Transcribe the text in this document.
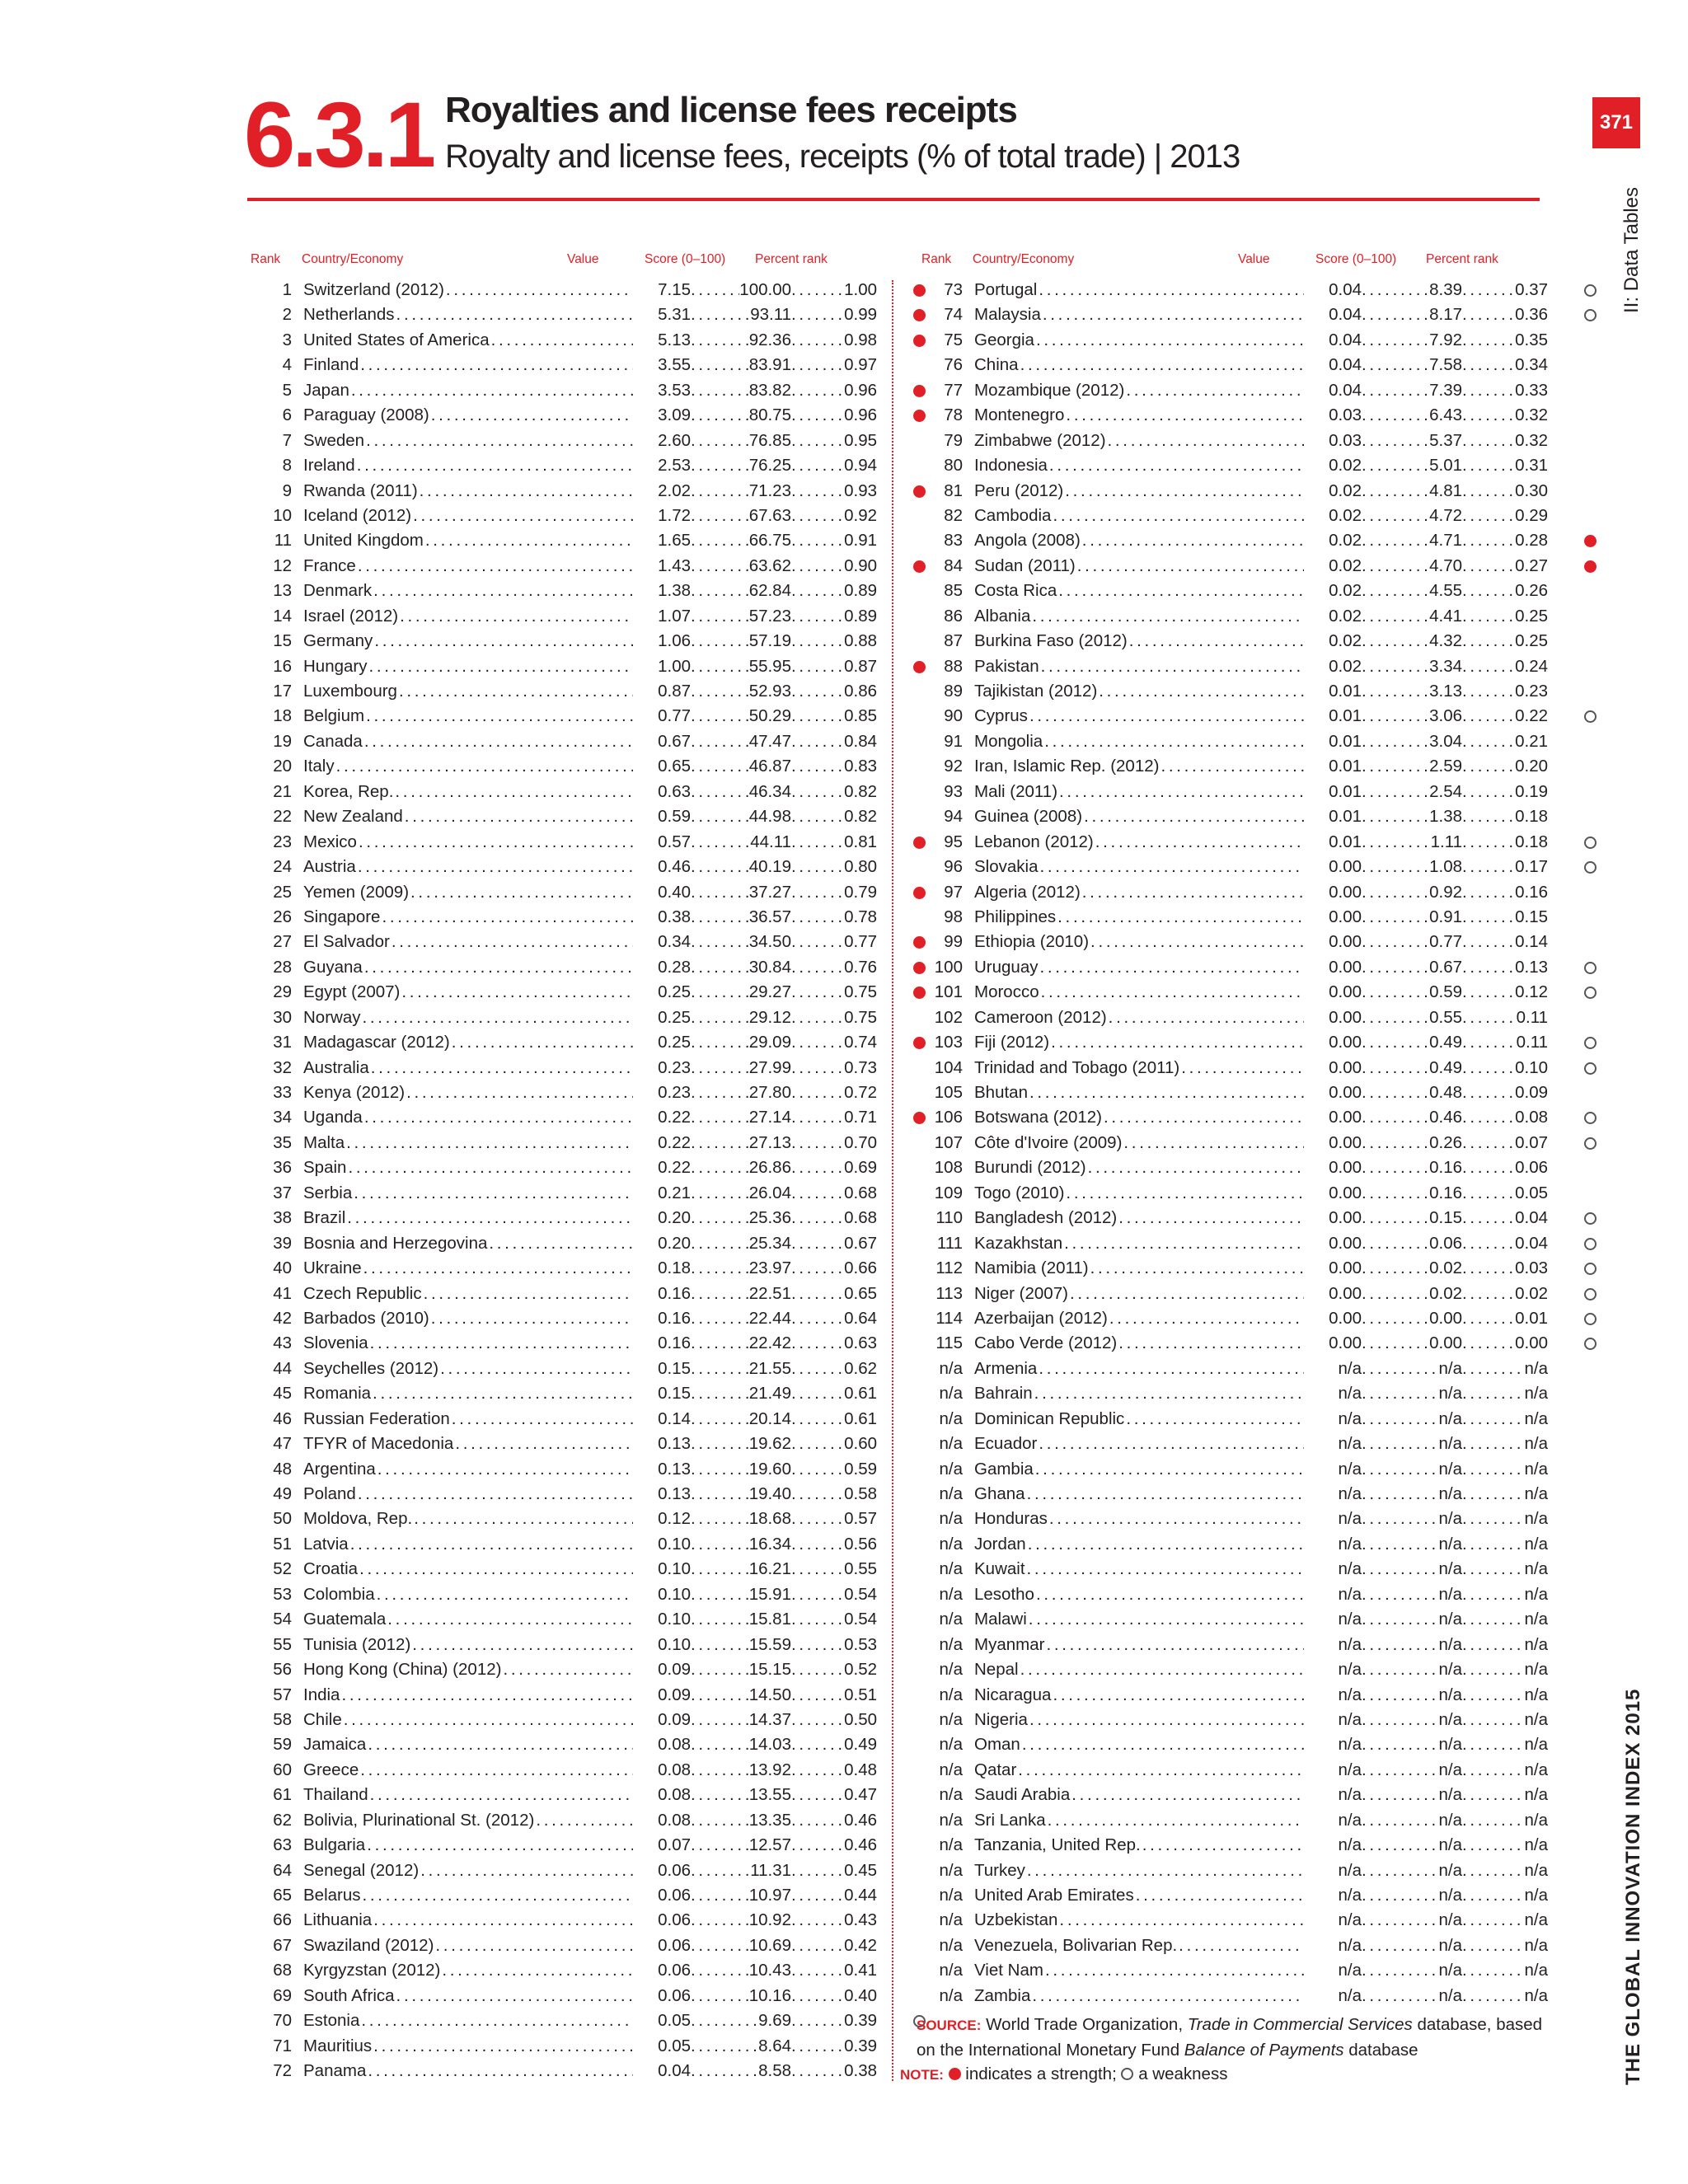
6.3.1 Royalties and license fees receipts
Royalty and license fees, receipts (% of total trade) | 2013
371
II: Data Tables
THE GLOBAL INNOVATION INDEX 2015
Rank Country/Economy	Value	Score (0–100) Percent rank	Rank Country/Economy	Value	Score (0–100) Percent rank
1 Switzerland (2012) . . .	7.15 . . .	100.00 . . .	1.00
2 Netherlands . . .	5.31 . . .	93.11 . . .	0.99
3 United States of America . . .	5.13 . . .	92.36 . . .	0.98
4 Finland . . .	3.55 . . .	83.91 . . .	0.97
5 Japan . . .	3.53 . . .	83.82 . . .	0.96
6 Paraguay (2008) . . .	3.09 . . .	80.75 . . .	0.96
7 Sweden . . .	2.60 . . .	76.85 . . .	0.95
8 Ireland . . .	2.53 . . .	76.25 . . .	0.94
9 Rwanda (2011) . . .	2.02 . . .	71.23 . . .	0.93
10 Iceland (2012) . . .	1.72 . . .	67.63 . . .	0.92
11 United Kingdom . . .	1.65 . . .	66.75 . . .	0.91
12 France . . .	1.43 . . .	63.62 . . .	0.90
13 Denmark . . .	1.38 . . .	62.84 . . .	0.89
14 Israel (2012) . . .	1.07 . . .	57.23 . . .	0.89
15 Germany . . .	1.06 . . .	57.19 . . .	0.88
16 Hungary . . .	1.00 . . .	55.95 . . .	0.87
17 Luxembourg . . .	0.87 . . .	52.93 . . .	0.86
18 Belgium . . .	0.77 . . .	50.29 . . .	0.85
19 Canada . . .	0.67 . . .	47.47 . . .	0.84
20 Italy . . .	0.65 . . .	46.87 . . .	0.83
21 Korea, Rep. . . .	0.63 . . .	46.34 . . .	0.82
22 New Zealand . . .	0.59 . . .	44.98 . . .	0.82
23 Mexico . . .	0.57 . . .	44.11 . . .	0.81
24 Austria . . .	0.46 . . .	40.19 . . .	0.80
25 Yemen (2009) . . .	0.40 . . .	37.27 . . .	0.79
26 Singapore . . .	0.38 . . .	36.57 . . .	0.78
27 El Salvador . . .	0.34 . . .	34.50 . . .	0.77
28 Guyana . . .	0.28 . . .	30.84 . . .	0.76
29 Egypt (2007) . . .	0.25 . . .	29.27 . . .	0.75
30 Norway . . .	0.25 . . .	29.12 . . .	0.75
31 Madagascar (2012) . . .	0.25 . . .	29.09 . . .	0.74
32 Australia . . .	0.23 . . .	27.99 . . .	0.73
33 Kenya (2012) . . .	0.23 . . .	27.80 . . .	0.72
34 Uganda . . .	0.22 . . .	27.14 . . .	0.71
35 Malta . . .	0.22 . . .	27.13 . . .	0.70
36 Spain . . .	0.22 . . .	26.86 . . .	0.69
37 Serbia . . .	0.21 . . .	26.04 . . .	0.68
38 Brazil . . .	0.20 . . .	25.36 . . .	0.68
39 Bosnia and Herzegovina . . .	0.20 . . .	25.34 . . .	0.67
40 Ukraine . . .	0.18 . . .	23.97 . . .	0.66
41 Czech Republic . . .	0.16 . . .	22.51 . . .	0.65
42 Barbados (2010) . . .	0.16 . . .	22.44 . . .	0.64
43 Slovenia . . .	0.16 . . .	22.42 . . .	0.63
44 Seychelles (2012) . . .	0.15 . . .	21.55 . . .	0.62
45 Romania . . .	0.15 . . .	21.49 . . .	0.61
46 Russian Federation . . .	0.14 . . .	20.14 . . .	0.61
47 TFYR of Macedonia . . .	0.13 . . .	19.62 . . .	0.60
48 Argentina . . .	0.13 . . .	19.60 . . .	0.59
49 Poland . . .	0.13 . . .	19.40 . . .	0.58
50 Moldova, Rep. . . .	0.12 . . .	18.68 . . .	0.57
51 Latvia . . .	0.10 . . .	16.34 . . .	0.56
52 Croatia . . .	0.10 . . .	16.21 . . .	0.55
53 Colombia . . .	0.10 . . .	15.91 . . .	0.54
54 Guatemala . . .	0.10 . . .	15.81 . . .	0.54
55 Tunisia (2012) . . .	0.10 . . .	15.59 . . .	0.53
56 Hong Kong (China) (2012) . . .	0.09 . . .	15.15 . . .	0.52
57 India . . .	0.09 . . .	14.50 . . .	0.51
58 Chile . . .	0.09 . . .	14.37 . . .	0.50
59 Jamaica . . .	0.08 . . .	14.03 . . .	0.49
60 Greece . . .	0.08 . . .	13.92 . . .	0.48
61 Thailand . . .	0.08 . . .	13.55 . . .	0.47
62 Bolivia, Plurinational St. (2012) . . .	0.08 . . .	13.35 . . .	0.46
63 Bulgaria . . .	0.07 . . .	12.57 . . .	0.46
64 Senegal (2012) . . .	0.06 . . .	11.31 . . .	0.45
65 Belarus . . .	0.06 . . .	10.97 . . .	0.44
66 Lithuania . . .	0.06 . . .	10.92 . . .	0.43
67 Swaziland (2012) . . .	0.06 . . .	10.69 . . .	0.42
68 Kyrgyzstan (2012) . . .	0.06 . . .	10.43 . . .	0.41
69 South Africa . . .	0.06 . . .	10.16 . . .	0.40
70 Estonia . . .	0.05 . . .	9.69 . . .	0.39
71 Mauritius . . .	0.05 . . .	8.64 . . .	0.39
72 Panama . . .	0.04 . . .	8.58 . . .	0.38
73 Portugal . . .	0.04 . . .	8.39 . . .	0.37
74 Malaysia . . .	0.04 . . .	8.17 . . .	0.36
75 Georgia . . .	0.04 . . .	7.92 . . .	0.35
76 China . . .	0.04 . . .	7.58 . . .	0.34
77 Mozambique (2012) . . .	0.04 . . .	7.39 . . .	0.33
78 Montenegro . . .	0.03 . . .	6.43 . . .	0.32
79 Zimbabwe (2012) . . .	0.03 . . .	5.37 . . .	0.32
80 Indonesia . . .	0.02 . . .	5.01 . . .	0.31
81 Peru (2012) . . .	0.02 . . .	4.81 . . .	0.30
82 Cambodia . . .	0.02 . . .	4.72 . . .	0.29
83 Angola (2008) . . .	0.02 . . .	4.71 . . .	0.28
84 Sudan (2011) . . .	0.02 . . .	4.70 . . .	0.27
85 Costa Rica . . .	0.02 . . .	4.55 . . .	0.26
86 Albania . . .	0.02 . . .	4.41 . . .	0.25
87 Burkina Faso (2012) . . .	0.02 . . .	4.32 . . .	0.25
88 Pakistan . . .	0.02 . . .	3.34 . . .	0.24
89 Tajikistan (2012) . . .	0.01 . . .	3.13 . . .	0.23
90 Cyprus . . .	0.01 . . .	3.06 . . .	0.22
91 Mongolia . . .	0.01 . . .	3.04 . . .	0.21
92 Iran, Islamic Rep. (2012) . . .	0.01 . . .	2.59 . . .	0.20
93 Mali (2011) . . .	0.01 . . .	2.54 . . .	0.19
94 Guinea (2008) . . .	0.01 . . .	1.38 . . .	0.18
95 Lebanon (2012) . . .	0.01 . . .	1.11 . . .	0.18
96 Slovakia . . .	0.00 . . .	1.08 . . .	0.17
97 Algeria (2012) . . .	0.00 . . .	0.92 . . .	0.16
98 Philippines . . .	0.00 . . .	0.91 . . .	0.15
99 Ethiopia (2010) . . .	0.00 . . .	0.77 . . .	0.14
100 Uruguay . . .	0.00 . . .	0.67 . . .	0.13
101 Morocco . . .	0.00 . . .	0.59 . . .	0.12
102 Cameroon (2012) . . .	0.00 . . .	0.55 . . .	0.11
103 Fiji (2012) . . .	0.00 . . .	0.49 . . .	0.11
104 Trinidad and Tobago (2011) . . .	0.00 . . .	0.49 . . .	0.10
105 Bhutan . . .	0.00 . . .	0.48 . . .	0.09
106 Botswana (2012) . . .	0.00 . . .	0.46 . . .	0.08
107 Côte d'Ivoire (2009) . . .	0.00 . . .	0.26 . . .	0.07
108 Burundi (2012) . . .	0.00 . . .	0.16 . . .	0.06
109 Togo (2010) . . .	0.00 . . .	0.16 . . .	0.05
110 Bangladesh (2012) . . .	0.00 . . .	0.15 . . .	0.04
111 Kazakhstan . . .	0.00 . . .	0.06 . . .	0.04
112 Namibia (2011) . . .	0.00 . . .	0.02 . . .	0.03
113 Niger (2007) . . .	0.00 . . .	0.02 . . .	0.02
114 Azerbaijan (2012) . . .	0.00 . . .	0.00 . . .	0.01
115 Cabo Verde (2012) . . .	0.00 . . .	0.00 . . .	0.00
n/a Armenia . . .	n/a . . .	n/a . . .	n/a
n/a Bahrain . . .	n/a . . .	n/a . . .	n/a
n/a Dominican Republic . . .	n/a . . .	n/a . . .	n/a
n/a Ecuador . . .	n/a . . .	n/a . . .	n/a
n/a Gambia . . .	n/a . . .	n/a . . .	n/a
n/a Ghana . . .	n/a . . .	n/a . . .	n/a
n/a Honduras . . .	n/a . . .	n/a . . .	n/a
n/a Jordan . . .	n/a . . .	n/a . . .	n/a
n/a Kuwait . . .	n/a . . .	n/a . . .	n/a
n/a Lesotho . . .	n/a . . .	n/a . . .	n/a
n/a Malawi . . .	n/a . . .	n/a . . .	n/a
n/a Myanmar . . .	n/a . . .	n/a . . .	n/a
n/a Nepal . . .	n/a . . .	n/a . . .	n/a
n/a Nicaragua . . .	n/a . . .	n/a . . .	n/a
n/a Nigeria . . .	n/a . . .	n/a . . .	n/a
n/a Oman . . .	n/a . . .	n/a . . .	n/a
n/a Qatar . . .	n/a . . .	n/a . . .	n/a
n/a Saudi Arabia . . .	n/a . . .	n/a . . .	n/a
n/a Sri Lanka . . .	n/a . . .	n/a . . .	n/a
n/a Tanzania, United Rep. . . .	n/a . . .	n/a . . .	n/a
n/a Turkey . . .	n/a . . .	n/a . . .	n/a
n/a United Arab Emirates . . .	n/a . . .	n/a . . .	n/a
n/a Uzbekistan . . .	n/a . . .	n/a . . .	n/a
n/a Venezuela, Bolivarian Rep. . . .	n/a . . .	n/a . . .	n/a
n/a Viet Nam . . .	n/a . . .	n/a . . .	n/a
n/a Zambia . . .	n/a . . .	n/a . . .	n/a
SOURCE: World Trade Organization, Trade in Commercial Services database, based on the International Monetary Fund Balance of Payments database
NOTE: indicates a strength; a weakness
